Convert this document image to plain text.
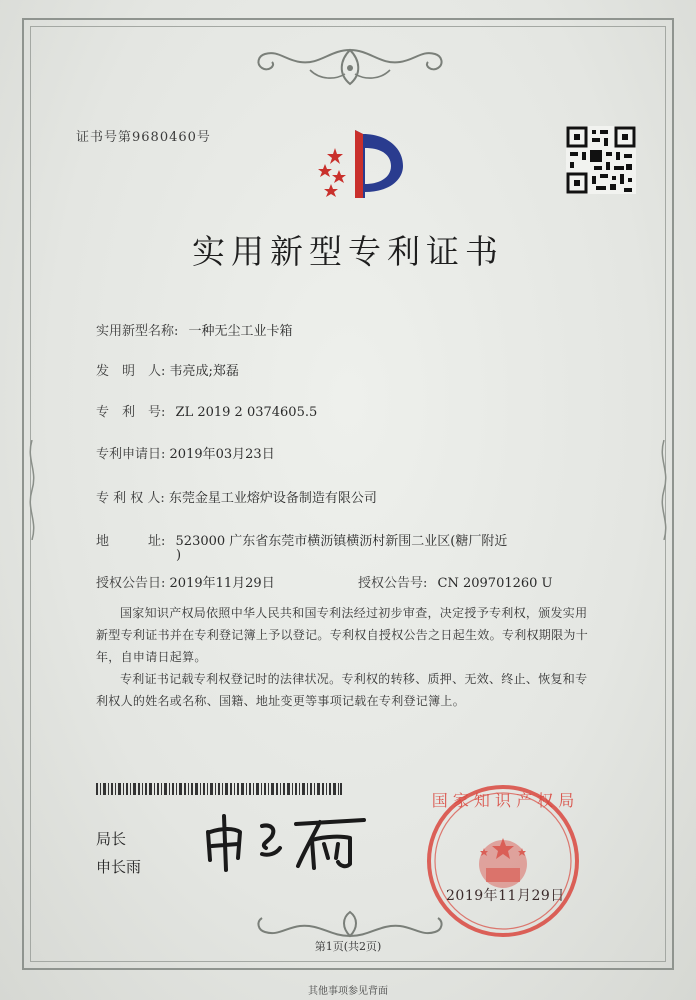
证书号第9680460号
实用新型专利证书
实用新型名称: 一种无尘工业卡箱
发　明　人: 韦亮成;郑磊
专　利　号: ZL 2019 2 0374605.5
专利申请日: 2019年03月23日
专 利 权 人: 东莞金星工业熔炉设备制造有限公司
地　　　址: 523000 广东省东莞市横沥镇横沥村新围二业区(糖厂附近
)
授权公告日: 2019年11月29日	授权公告号: CN 209701260 U
国家知识产权局依照中华人民共和国专利法经过初步审查，决定授予专利权，颁发实用
新型专利证书并在专利登记簿上予以登记。专利权自授权公告之日起生效。专利权期限为十
年，自申请日起算。
专利证书记载专利权登记时的法律状况。专利权的转移、质押、无效、终止、恢复和专
利权人的姓名或名称、国籍、地址变更等事项记载在专利登记簿上。
局长
申长雨
国 家 知 识 产 权 局
2019年11月29日
第1页(共2页)
其他事项参见背面
